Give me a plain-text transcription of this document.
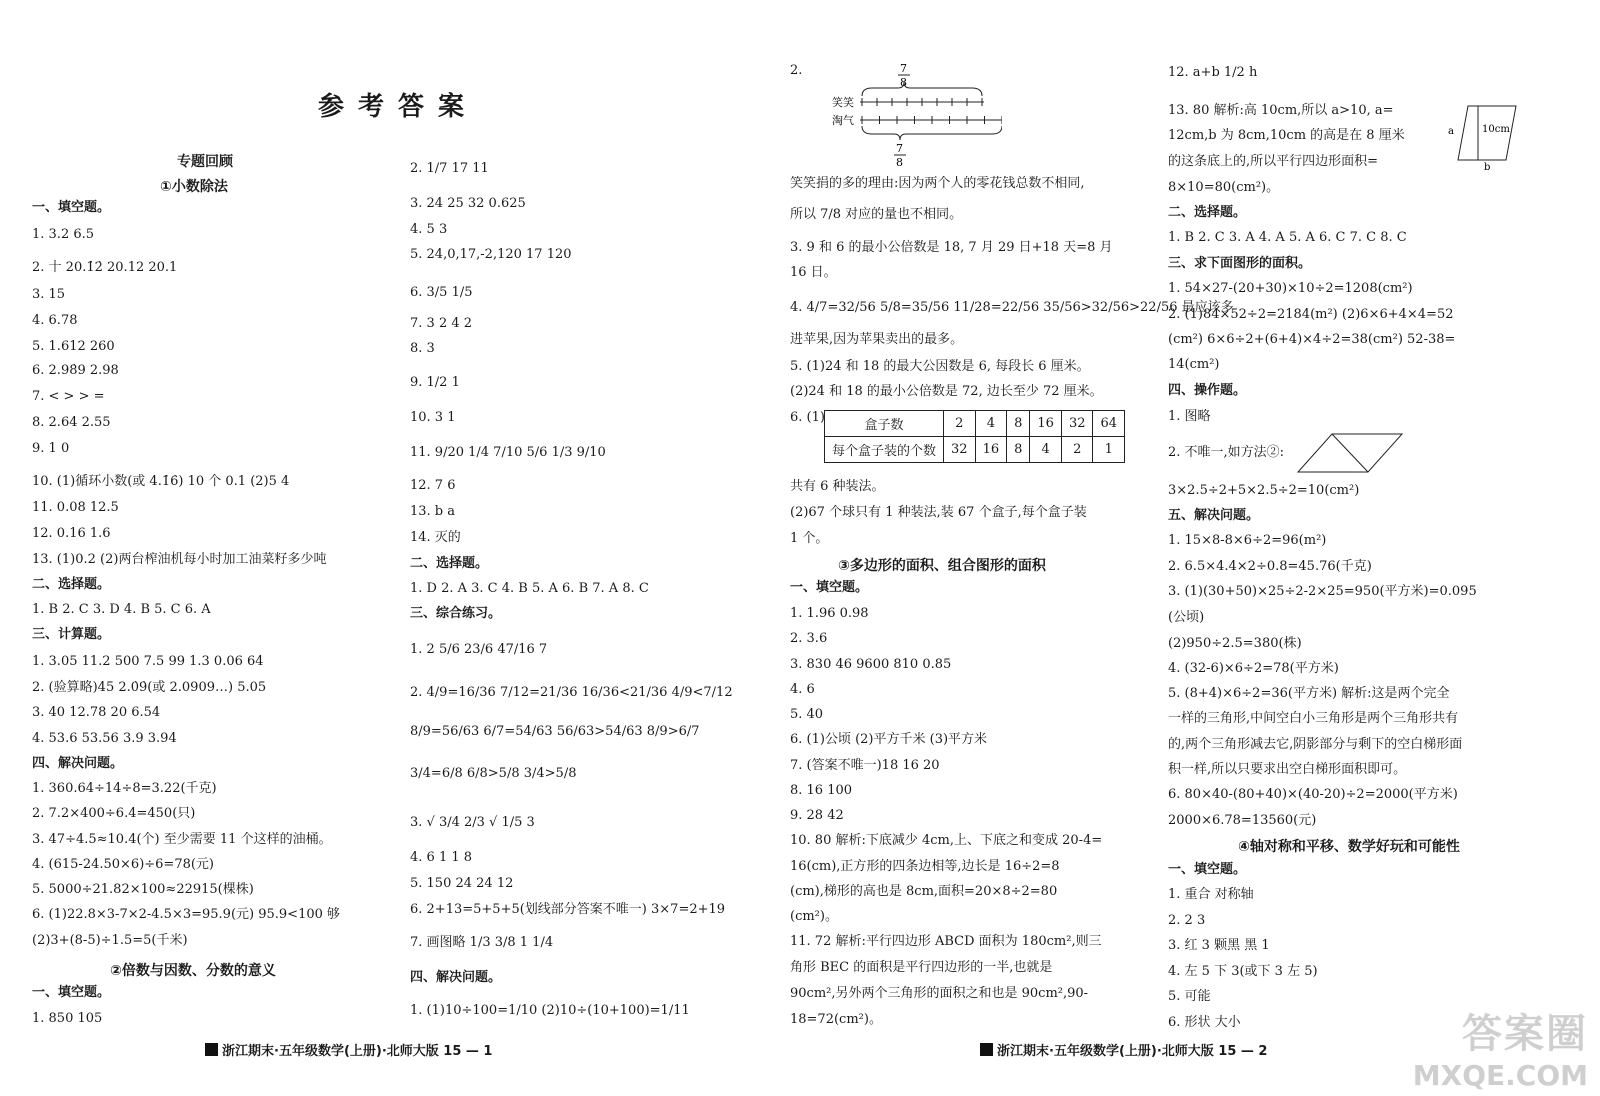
参考答案
专题回顾
①小数除法
一、填空题。
1. 3.2 6.5
2. 十 20.1̇2̇ 20.12 20.1
3. 15
4. 6.78
5. 1.612 260
6. 2.98̇9 2.98
7. < > > =
8. 2.64 2.55
9. 1 0
10. (1)循环小数(或 4.1̇6̇) 10 个 0.1 (2)5 4
11. 0.08 12.5
12. 0.16 1.6
13. (1)0.2 (2)两台榨油机每小时加工油菜籽多少吨
二、选择题。
1. B 2. C 3. D 4. B 5. C 6. A
三、计算题。
1. 3.05 11.2 500 7.5 99 1.3 0.06 64
2. (验算略)45 2.0̇9̇(或 2.0909…) 5.05
3. 40 12.78 20 6.54
4. 53.6 53.56 3.9 3.94
四、解决问题。
1. 360.64÷14÷8=3.22(千克)
2. 7.2×400÷6.4=450(只)
3. 47÷4.5≈10.4(个) 至少需要 11 个这样的油桶。
4. (615-24.50×6)÷6=78(元)
5. 5000÷21.82×100≈22915(棵株)
6. (1)22.8×3-7×2-4.5×3=95.9(元) 95.9<100 够
(2)3+(8-5)÷1.5=5(千米)
②倍数与因数、分数的意义
一、填空题。
1. 850 105
2. 1/7 17 11
3. 24 25 32 0.625
4. 5 3
5. 24,0,17,-2,120 17 120
6. 3/5 1/5
7. 3 2 4 2
8. 3
9. 1/2 1
10. 3 1
11. 9/20 1/4 7/10 5/6 1/3 9/10
12. 7 6
13. b a
14. 灭的
二、选择题。
1. D 2. A 3. C 4. B 5. A 6. B 7. A 8. C
三、综合练习。
1. 2 5/6 23/6 47/16 7
2. 4/9=16/36 7/12=21/36 16/36<21/36 4/9<7/12
8/9=56/63 6/7=54/63 56/63>54/63 8/9>6/7
3/4=6/8 6/8>5/8 3/4>5/8
3. √ 3/4 2/3 √ 1/5 3
4. 6 1 1 8
5. 150 24 24 12
6. 2+13=5+5+5(划线部分答案不唯一) 3×7=2+19
7. 画图略 1/3 3/8 1 1/4
四、解决问题。
1. (1)10÷100=1/10 (2)10÷(10+100)=1/11
浙江期末·五年级数学(上册)·北师大版 15 — 1
7
8
笑笑
淘气
7
8
2.
笑笑捐的多的理由:因为两个人的零花钱总数不相同,
所以 7/8 对应的量也不相同。
3. 9 和 6 的最小公倍数是 18, 7 月 29 日+18 天=8 月
16 日。
4. 4/7=32/56 5/8=35/56 11/28=22/56 35/56>32/56>22/56 最应该多
进苹果,因为苹果卖出的最多。
5. (1)24 和 18 的最大公因数是 6, 每段长 6 厘米。
(2)24 和 18 的最小公倍数是 72, 边长至少 72 厘米。
6. (1)
盒子数	2	4	8	16	32	64
每个盒子装的个数	32	16	8	4	2	1
共有 6 种装法。
(2)67 个球只有 1 种装法,装 67 个盒子,每个盒子装
1 个。
③多边形的面积、组合图形的面积
一、填空题。
1. 1.96 0.98
2. 3.6
3. 830 46 9600 810 0.85
4. 6
5. 40
6. (1)公顷 (2)平方千米 (3)平方米
7. (答案不唯一)18 16 20
8. 16 100
9. 28 42
10. 80 解析:下底减少 4cm,上、下底之和变成 20-4=
16(cm),正方形的四条边相等,边长是 16÷2=8
(cm),梯形的高也是 8cm,面积=20×8÷2=80
(cm²)。
11. 72 解析:平行四边形 ABCD 面积为 180cm²,则三
角形 BEC 的面积是平行四边形的一半,也就是
90cm²,另外两个三角形的面积之和也是 90cm²,90-
18=72(cm²)。
a	10cm
b
12. a+b 1/2 h
13. 80 解析:高 10cm,所以 a>10, a=
12cm,b 为 8cm,10cm 的高是在 8 厘米
的这条底上的,所以平行四边形面积=
8×10=80(cm²)。
二、选择题。
1. B 2. C 3. A 4. A 5. A 6. C 7. C 8. C
三、求下面图形的面积。
1. 54×27-(20+30)×10÷2=1208(cm²)
2. (1)84×52÷2=2184(m²) (2)6×6+4×4=52
(cm²) 6×6÷2+(6+4)×4÷2=38(cm²) 52-38=
14(cm²)
四、操作题。
1. 图略
2. 不唯一,如方法②:
3×2.5÷2+5×2.5÷2=10(cm²)
五、解决问题。
1. 15×8-8×6÷2=96(m²)
2. 6.5×4.4×2÷0.8=45.76(千克)
3. (1)(30+50)×25÷2-2×25=950(平方米)=0.095
(公顷)
(2)950÷2.5=380(株)
4. (32-6)×6÷2=78(平方米)
5. (8+4)×6÷2=36(平方米) 解析:这是两个完全
一样的三角形,中间空白小三角形是两个三角形共有
的,两个三角形减去它,阴影部分与剩下的空白梯形面
积一样,所以只要求出空白梯形面积即可。
6. 80×40-(80+40)×(40-20)÷2=2000(平方米)
2000×6.78=13560(元)
④轴对称和平移、数学好玩和可能性
一、填空题。
1. 重合 对称轴
2. 2 3
3. 红 3 颗黑 黑 1
4. 左 5 下 3(或下 3 左 5)
5. 可能
6. 形状 大小
浙江期末·五年级数学(上册)·北师大版 15 — 2	答案圈
MXQE.COM
